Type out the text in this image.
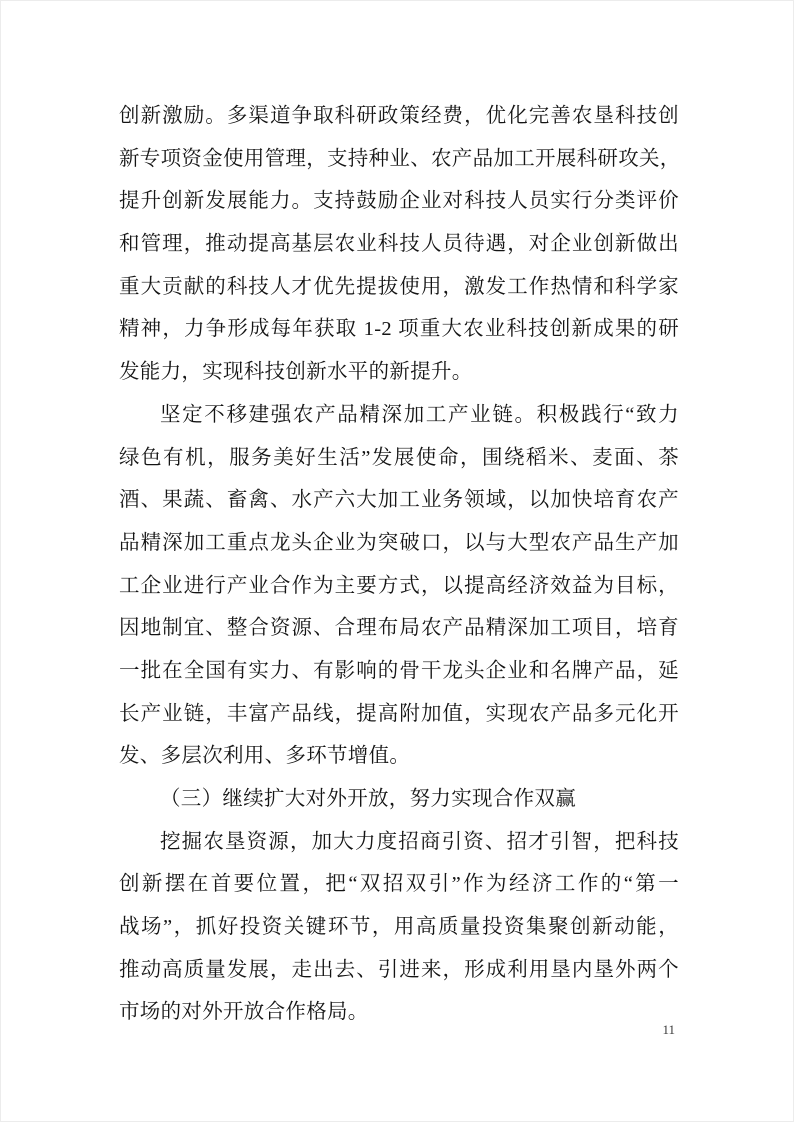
创新激励。多渠道争取科研政策经费，优化完善农垦科技创
新专项资金使用管理，支持种业、农产品加工开展科研攻关，
提升创新发展能力。支持鼓励企业对科技人员实行分类评价
和管理，推动提高基层农业科技人员待遇，对企业创新做出
重大贡献的科技人才优先提拔使用，激发工作热情和科学家
精神，力争形成每年获取 1-2 项重大农业科技创新成果的研
发能力，实现科技创新水平的新提升。
坚定不移建强农产品精深加工产业链。积极践行“致力
绿色有机，服务美好生活”发展使命，围绕稻米、麦面、茶
酒、果蔬、畜禽、水产六大加工业务领域，以加快培育农产
品精深加工重点龙头企业为突破口，以与大型农产品生产加
工企业进行产业合作为主要方式，以提高经济效益为目标，
因地制宜、整合资源、合理布局农产品精深加工项目，培育
一批在全国有实力、有影响的骨干龙头企业和名牌产品，延
长产业链，丰富产品线，提高附加值，实现农产品多元化开
发、多层次利用、多环节增值。
（三）继续扩大对外开放，努力实现合作双赢
挖掘农垦资源，加大力度招商引资、招才引智，把科技
创新摆在首要位置，把“双招双引”作为经济工作的“第一
战场”，抓好投资关键环节，用高质量投资集聚创新动能，
推动高质量发展，走出去、引进来，形成利用垦内垦外两个
市场的对外开放合作格局。
11
